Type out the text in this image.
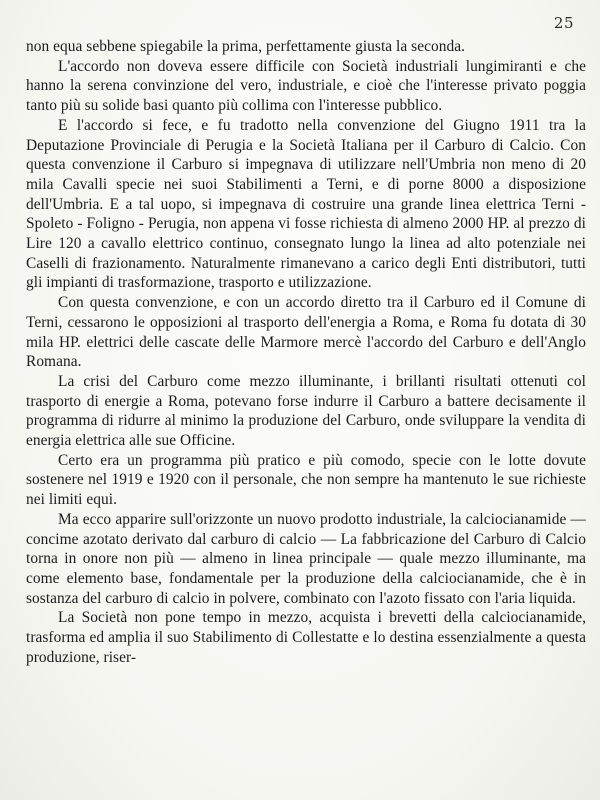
25

non equa sebbene spiegabile la prima, perfettamente giusta la seconda.

L'accordo non doveva essere difficile con Società industriali lungimiranti e che hanno la serena convinzione del vero, industriale, e cioè che l'interesse privato poggia tanto più su solide basi quanto più collima con l'interesse pubblico.

E l'accordo si fece, e fu tradotto nella convenzione del Giugno 1911 tra la Deputazione Provinciale di Perugia e la Società Italiana per il Carburo di Calcio. Con questa convenzione il Carburo si impegnava di utilizzare nell'Umbria non meno di 20 mila Cavalli specie nei suoi Stabilimenti a Terni, e di porne 8000 a disposizione dell'Umbria. E a tal uopo, si impegnava di costruire una grande linea elettrica Terni - Spoleto - Foligno - Perugia, non appena vi fosse richiesta di almeno 2000 HP. al prezzo di Lire 120 a cavallo elettrico continuo, consegnato lungo la linea ad alto potenziale nei Caselli di frazionamento. Naturalmente rimanevano a carico degli Enti distributori, tutti gli impianti di trasformazione, trasporto e utilizzazione.

Con questa convenzione, e con un accordo diretto tra il Carburo ed il Comune di Terni, cessarono le opposizioni al trasporto dell'energia a Roma, e Roma fu dotata di 30 mila HP. elettrici delle cascate delle Marmore mercè l'accordo del Carburo e dell'Anglo Romana.

La crisi del Carburo come mezzo illuminante, i brillanti risultati ottenuti col trasporto di energie a Roma, potevano forse indurre il Carburo a battere decisamente il programma di ridurre al minimo la produzione del Carburo, onde sviluppare la vendita di energia elettrica alle sue Officine.

Certo era un programma più pratico e più comodo, specie con le lotte dovute sostenere nel 1919 e 1920 con il personale, che non sempre ha mantenuto le sue richieste nei limiti equi.

Ma ecco apparire sull'orizzonte un nuovo prodotto industriale, la calciocianamide — concime azotato derivato dal carburo di calcio — La fabbricazione del Carburo di Calcio torna in onore non più — almeno in linea principale — quale mezzo illuminante, ma come elemento base, fondamentale per la produzione della calciocianamide, che è in sostanza del carburo di calcio in polvere, combinato con l'azoto fissato con l'aria liquida.

La Società non pone tempo in mezzo, acquista i brevetti della calciocianamide, trasforma ed amplia il suo Stabilimento di Collestatte e lo destina essenzialmente a questa produzione, riser-
